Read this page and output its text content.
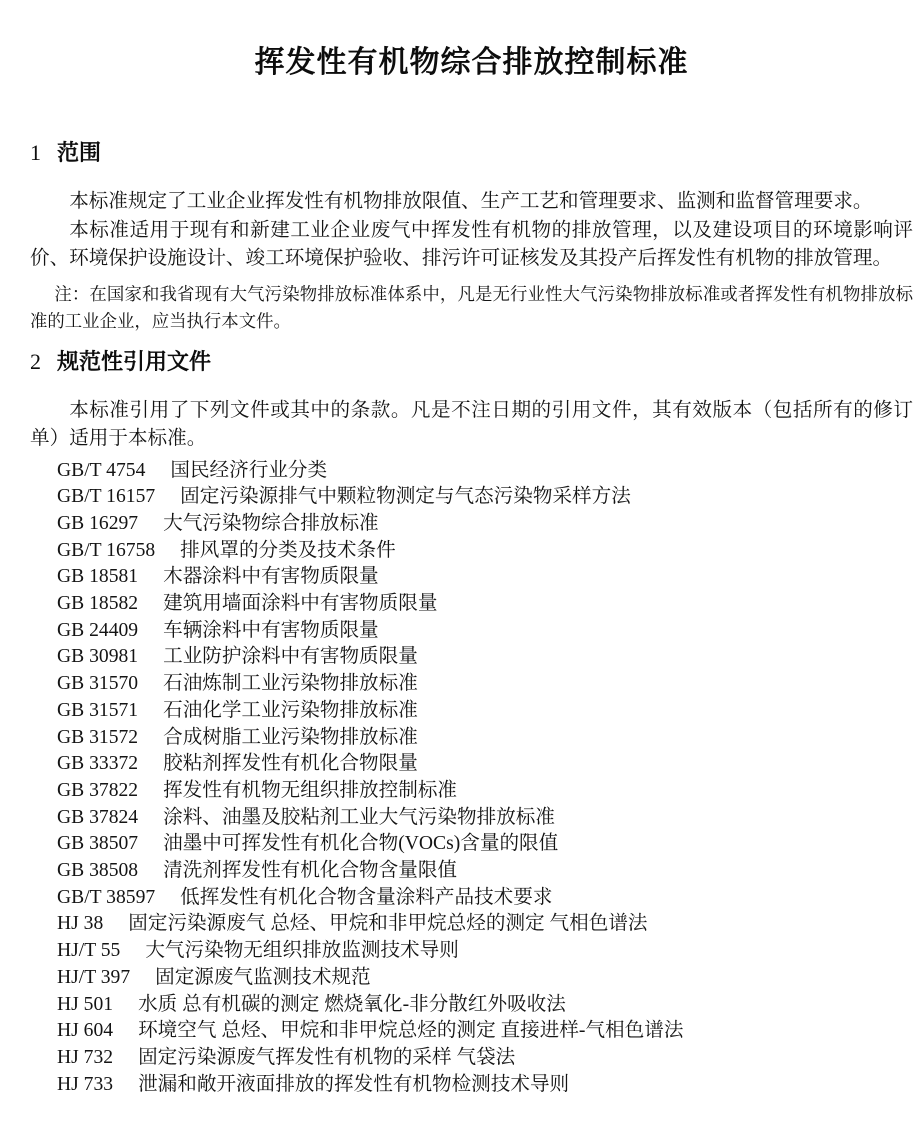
挥发性有机物综合排放控制标准
1 范围

本标准规定了工业企业挥发性有机物排放限值、生产工艺和管理要求、监测和监督管理要求。

本标准适用于现有和新建工业企业废气中挥发性有机物的排放管理，以及建设项目的环境影响评价、环境保护设施设计、竣工环境保护验收、排污许可证核发及其投产后挥发性有机物的排放管理。

注：在国家和我省现有大气污染物排放标准体系中，凡是无行业性大气污染物排放标准或者挥发性有机物排放标准的工业企业，应当执行本文件。

2 规范性引用文件

本标准引用了下列文件或其中的条款。凡是不注日期的引用文件，其有效版本（包括所有的修订单）适用于本标准。

GB/T 4754 国民经济行业分类
GB/T 16157 固定污染源排气中颗粒物测定与气态污染物采样方法
GB 16297 大气污染物综合排放标准
GB/T 16758 排风罩的分类及技术条件
GB 18581 木器涂料中有害物质限量
GB 18582 建筑用墙面涂料中有害物质限量
GB 24409 车辆涂料中有害物质限量
GB 30981 工业防护涂料中有害物质限量
GB 31570 石油炼制工业污染物排放标准
GB 31571 石油化学工业污染物排放标准
GB 31572 合成树脂工业污染物排放标准
GB 33372 胶粘剂挥发性有机化合物限量
GB 37822 挥发性有机物无组织排放控制标准
GB 37824 涂料、油墨及胶粘剂工业大气污染物排放标准
GB 38507 油墨中可挥发性有机化合物(VOCs)含量的限值
GB 38508 清洗剂挥发性有机化合物含量限值
GB/T 38597 低挥发性有机化合物含量涂料产品技术要求
HJ 38 固定污染源废气 总烃、甲烷和非甲烷总烃的测定 气相色谱法
HJ/T 55 大气污染物无组织排放监测技术导则
HJ/T 397 固定源废气监测技术规范
HJ 501 水质 总有机碳的测定 燃烧氧化-非分散红外吸收法
HJ 604 环境空气 总烃、甲烷和非甲烷总烃的测定 直接进样-气相色谱法
HJ 732 固定污染源废气挥发性有机物的采样 气袋法
HJ 733 泄漏和敞开液面排放的挥发性有机物检测技术导则
